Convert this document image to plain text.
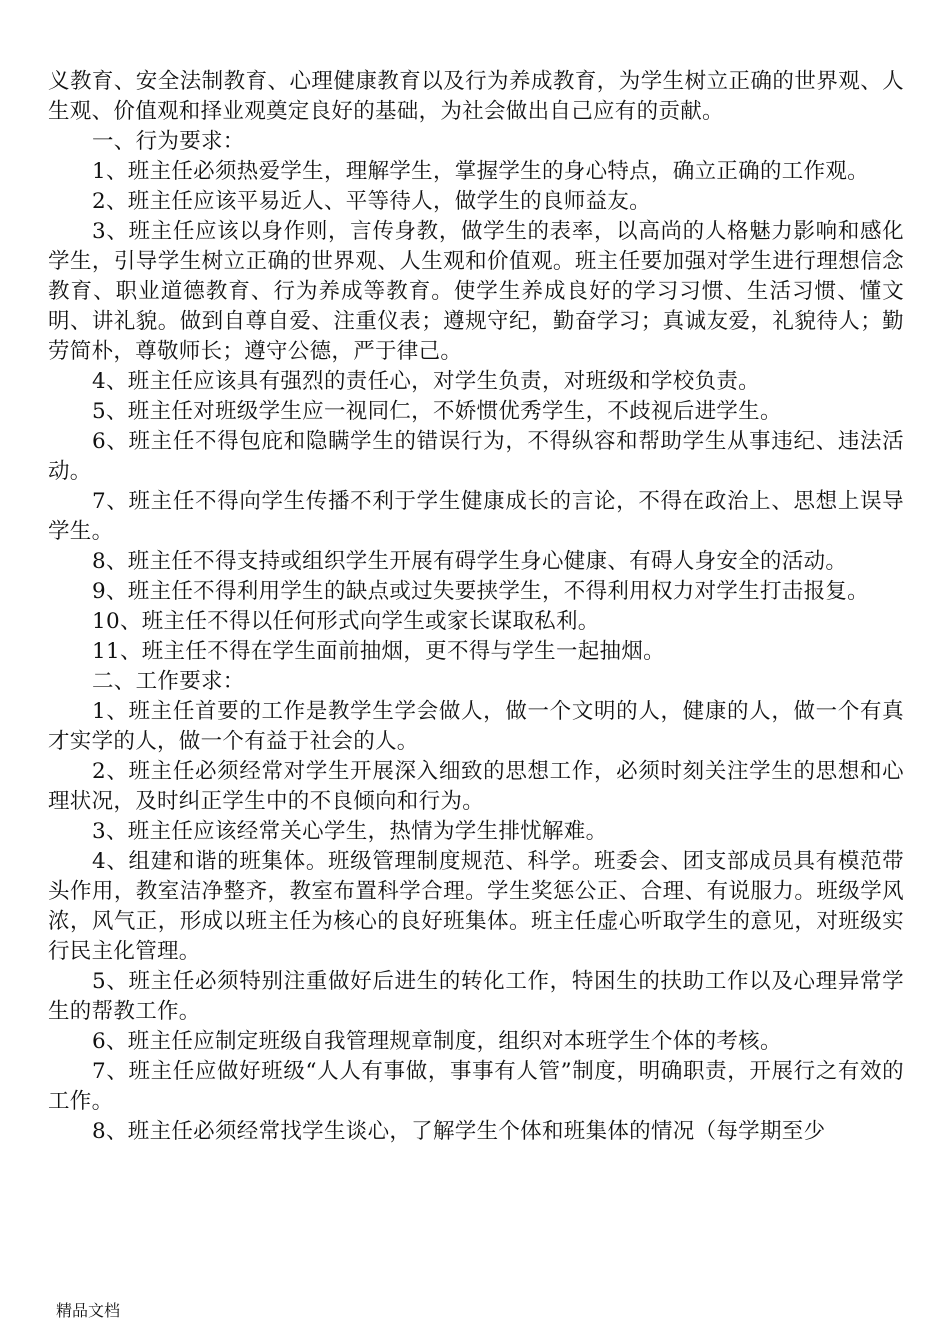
义教育、安全法制教育、心理健康教育以及行为养成教育，为学生树立正确的世界观、人生观、价值观和择业观奠定良好的基础，为社会做出自己应有的贡献。

一、行为要求：

1、班主任必须热爱学生，理解学生，掌握学生的身心特点，确立正确的工作观。

2、班主任应该平易近人、平等待人，做学生的良师益友。

3、班主任应该以身作则，言传身教，做学生的表率，以高尚的人格魅力影响和感化学生，引导学生树立正确的世界观、人生观和价值观。班主任要加强对学生进行理想信念教育、职业道德教育、行为养成等教育。使学生养成良好的学习习惯、生活习惯、懂文明、讲礼貌。做到自尊自爱、注重仪表；遵规守纪，勤奋学习；真诚友爱，礼貌待人；勤劳简朴，尊敬师长；遵守公德，严于律己。

4、班主任应该具有强烈的责任心，对学生负责，对班级和学校负责。

5、班主任对班级学生应一视同仁，不娇惯优秀学生，不歧视后进学生。

6、班主任不得包庇和隐瞒学生的错误行为，不得纵容和帮助学生从事违纪、违法活动。

7、班主任不得向学生传播不利于学生健康成长的言论，不得在政治上、思想上误导学生。

8、班主任不得支持或组织学生开展有碍学生身心健康、有碍人身安全的活动。

9、班主任不得利用学生的缺点或过失要挟学生，不得利用权力对学生打击报复。

10、班主任不得以任何形式向学生或家长谋取私利。

11、班主任不得在学生面前抽烟，更不得与学生一起抽烟。

二、工作要求：

1、班主任首要的工作是教学生学会做人，做一个文明的人，健康的人，做一个有真才实学的人，做一个有益于社会的人。

2、班主任必须经常对学生开展深入细致的思想工作，必须时刻关注学生的思想和心理状况，及时纠正学生中的不良倾向和行为。

3、班主任应该经常关心学生，热情为学生排忧解难。

4、组建和谐的班集体。班级管理制度规范、科学。班委会、团支部成员具有模范带头作用，教室洁净整齐，教室布置科学合理。学生奖惩公正、合理、有说服力。班级学风浓，风气正，形成以班主任为核心的良好班集体。班主任虚心听取学生的意见，对班级实行民主化管理。

5、班主任必须特别注重做好后进生的转化工作，特困生的扶助工作以及心理异常学生的帮教工作。

6、班主任应制定班级自我管理规章制度，组织对本班学生个体的考核。

7、班主任应做好班级“人人有事做，事事有人管”制度，明确职责，开展行之有效的工作。

8、班主任必须经常找学生谈心，了解学生个体和班集体的情况（每学期至少

精品文档
